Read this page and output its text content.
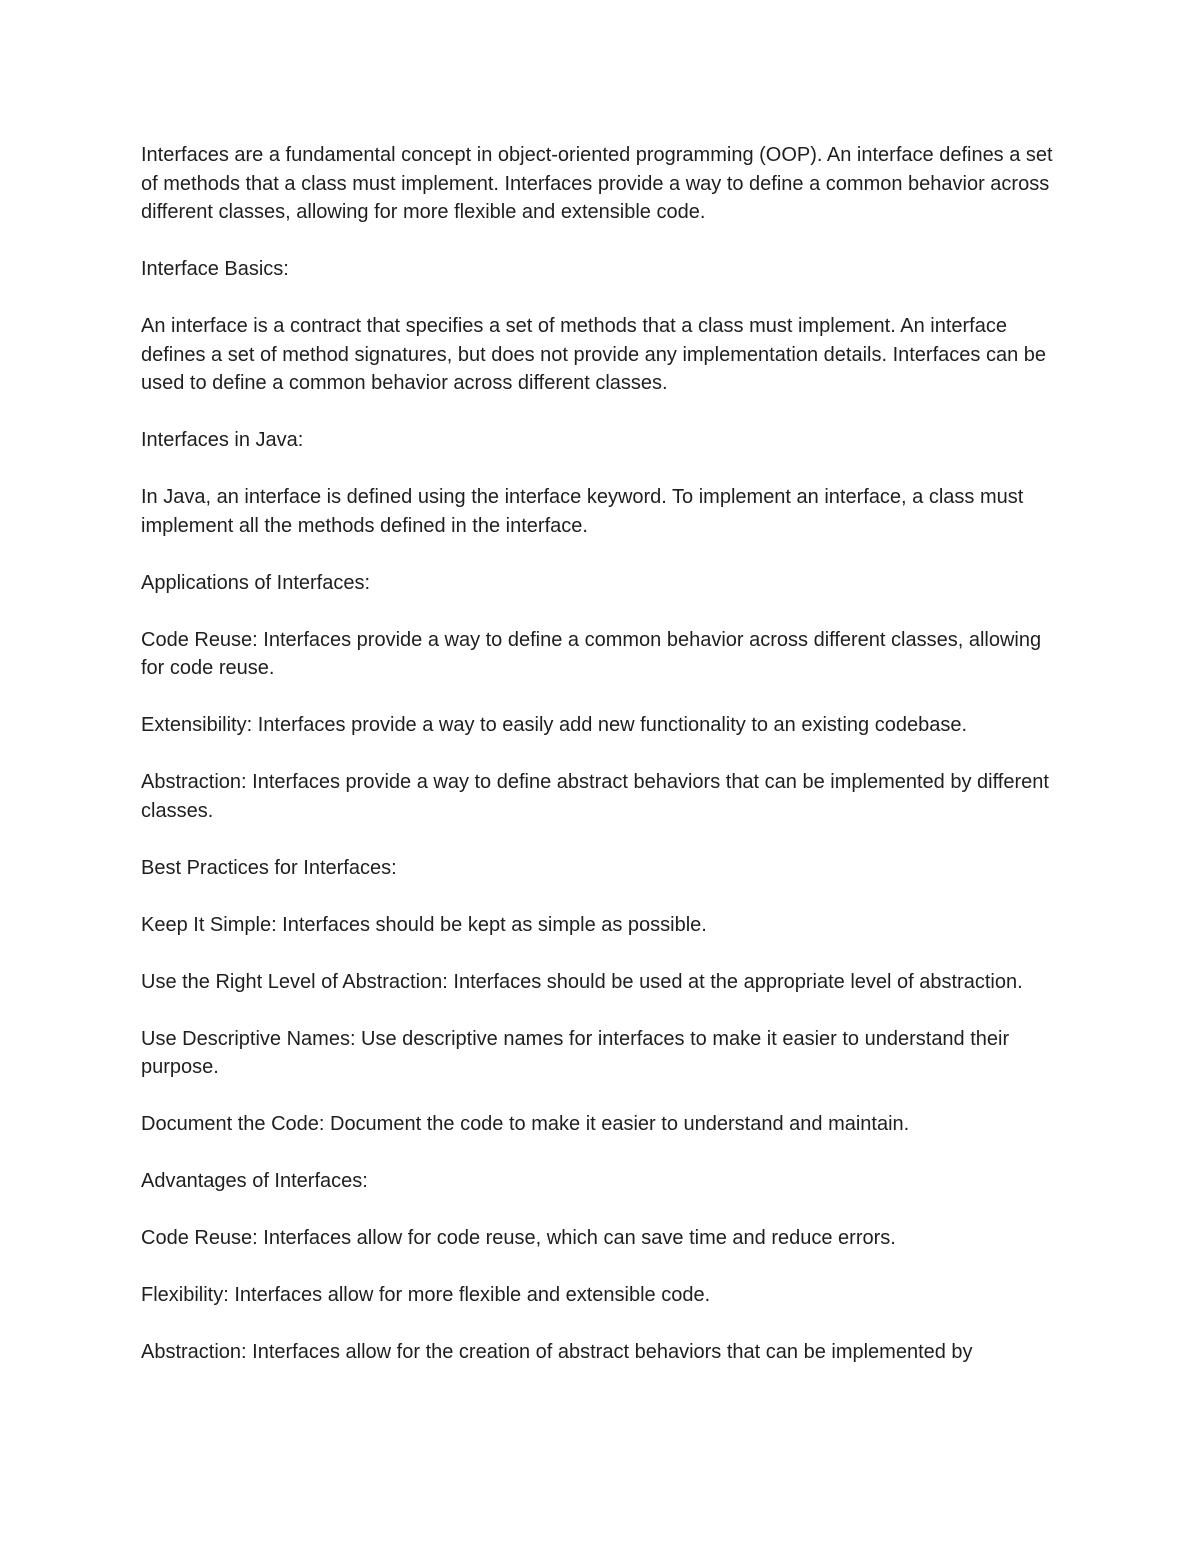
Interfaces are a fundamental concept in object-oriented programming (OOP). An interface defines a set of methods that a class must implement. Interfaces provide a way to define a common behavior across different classes, allowing for more flexible and extensible code.

Interface Basics:

An interface is a contract that specifies a set of methods that a class must implement. An interface defines a set of method signatures, but does not provide any implementation details. Interfaces can be used to define a common behavior across different classes.

Interfaces in Java:

In Java, an interface is defined using the interface keyword. To implement an interface, a class must implement all the methods defined in the interface.

Applications of Interfaces:

Code Reuse: Interfaces provide a way to define a common behavior across different classes, allowing for code reuse.

Extensibility: Interfaces provide a way to easily add new functionality to an existing codebase.

Abstraction: Interfaces provide a way to define abstract behaviors that can be implemented by different classes.

Best Practices for Interfaces:

Keep It Simple: Interfaces should be kept as simple as possible.

Use the Right Level of Abstraction: Interfaces should be used at the appropriate level of abstraction.

Use Descriptive Names: Use descriptive names for interfaces to make it easier to understand their purpose.

Document the Code: Document the code to make it easier to understand and maintain.

Advantages of Interfaces:

Code Reuse: Interfaces allow for code reuse, which can save time and reduce errors.

Flexibility: Interfaces allow for more flexible and extensible code.

Abstraction: Interfaces allow for the creation of abstract behaviors that can be implemented by
